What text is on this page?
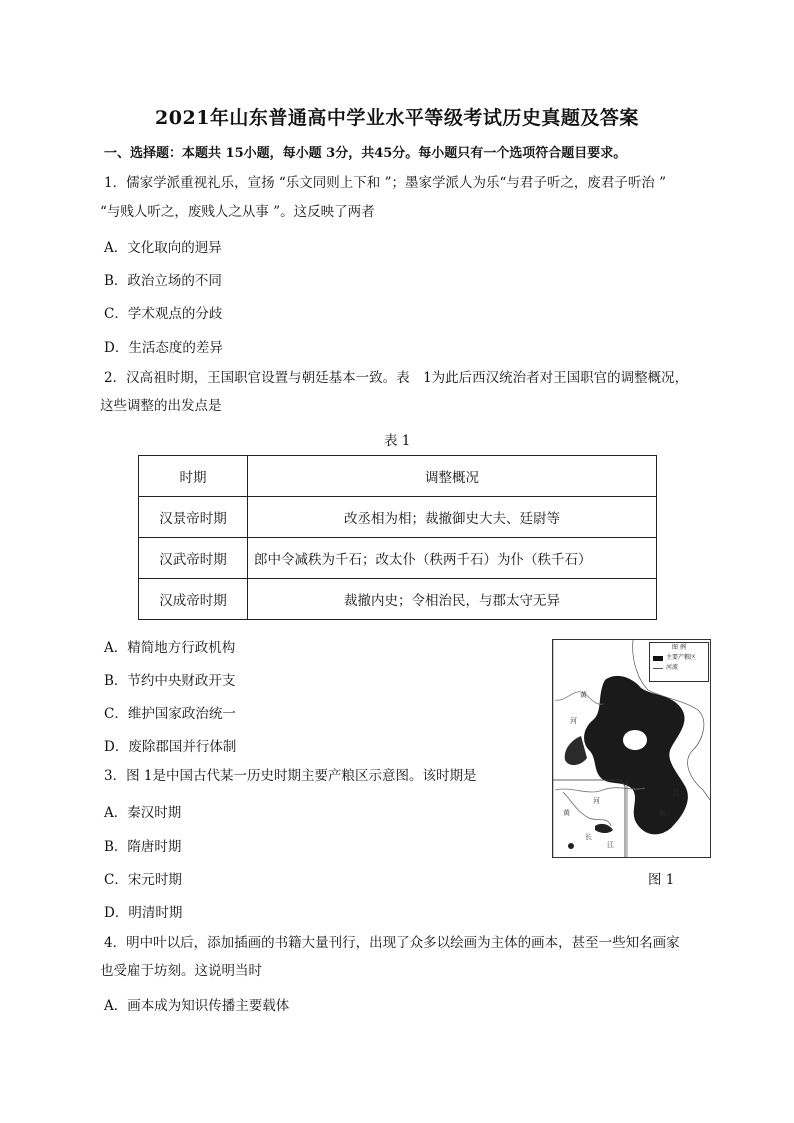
2021年山东普通高中学业水平等级考试历史真题及答案
一、选择题：本题共 15小题，每小题 3分，共45分。每小题只有一个选项符合题目要求。
1．儒家学派重视礼乐，宣扬 “乐文同则上下和 ”；墨家学派人为乐“与君子听之，废君子听治 ”
“与贱人听之，废贱人之从事 ”。这反映了两者
A．文化取向的迥异
B．政治立场的不同
C．学术观点的分歧
D．生活态度的差异
2．汉高祖时期，王国职官设置与朝廷基本一致。表　1为此后西汉统治者对王国职官的调整概况，
这些调整的出发点是
表 1
时期	调整概况
汉景帝时期	改丞相为相；裁撤御史大夫、廷尉等
汉武帝时期	郎中令减秩为千石；改太仆（秩两千石）为仆（秩千石）
汉成帝时期	裁撤内史；令相治民，与郡太守无异
A．精简地方行政机构
B．节约中央财政开支
C．维护国家政治统一
D．废除郡国并行体制
图 例
主要产粮区
河流
黄
河
江
长
河
黄
江
长
图 1
3．图 1是中国古代某一历史时期主要产粮区示意图。该时期是
A．秦汉时期
B．隋唐时期
C．宋元时期
D．明清时期
4．明中叶以后，添加插画的书籍大量刊行，出现了众多以绘画为主体的画本，甚至一些知名画家
也受雇于坊刻。这说明当时
A．画本成为知识传播主要载体
